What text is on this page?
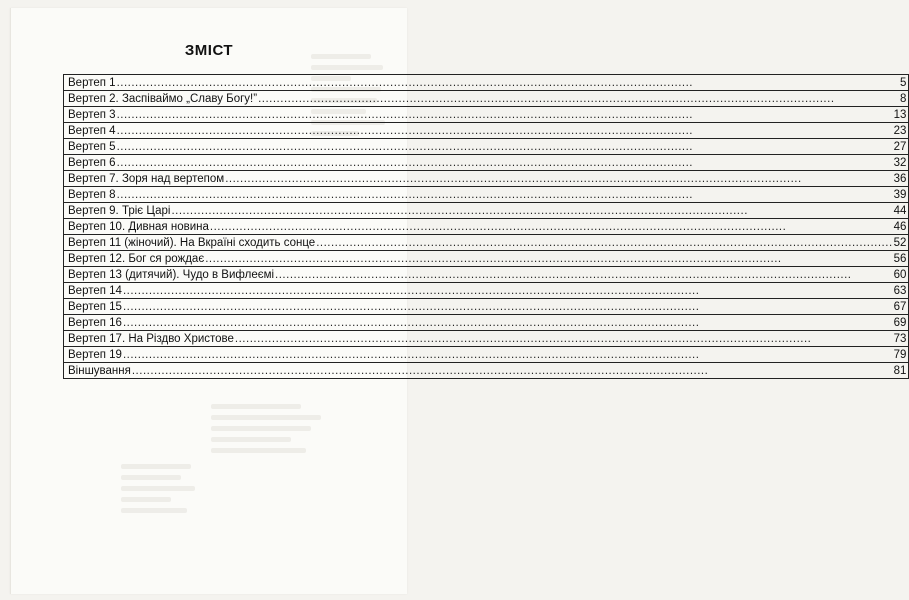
ЗМІСТ
Вертеп 1 .....	5

Вертеп 2. Заспіваймо „Славу Богу!” .....	8

Вертеп 3 .....	13

Вертеп 4 .....	23

Вертеп 5 .....	27

Вертеп 6 .....	32

Вертеп 7. Зоря над вертепом .....	36

Вертеп 8 .....	39

Вертеп 9. Тріє Царі .....	44

Вертеп 10. Дивная новина .....	46

Вертеп 11 (жіночий). На Вкраїні сходить сонце .....	52

Вертеп 12. Бог ся рождає .....	56

Вертеп 13 (дитячий). Чудо в Вифлеємі .....	60

Вертеп 14 .....	63

Вертеп 15 .....	67

Вертеп 16 .....	69

Вертеп 17. На Різдво Христове .....	73

Вертеп 19 .....	79

Віншування .....	81
